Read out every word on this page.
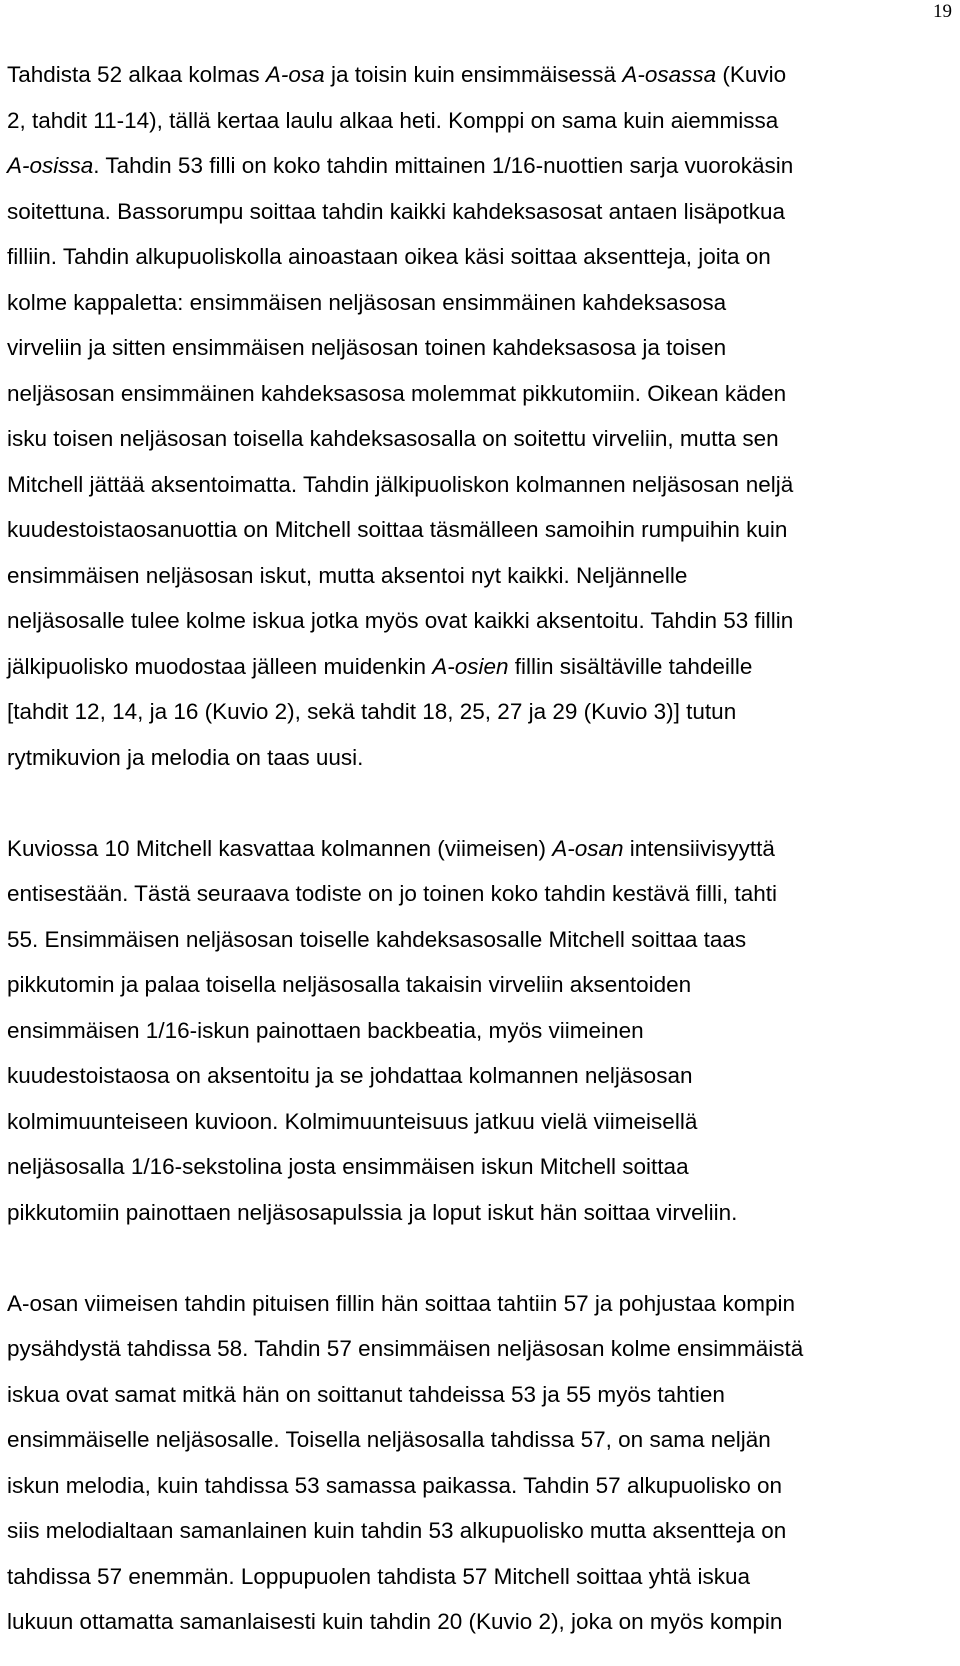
19

Tahdista 52 alkaa kolmas A-osa ja toisin kuin ensimmäisessä A-osassa (Kuvio
2, tahdit 11-14), tällä kertaa laulu alkaa heti. Komppi on sama kuin aiemmissa
A-osissa. Tahdin 53 filli on koko tahdin mittainen 1/16-nuottien sarja vuorokäsin
soitettuna. Bassorumpu soittaa tahdin kaikki kahdeksasosat antaen lisäpotkua
filliin. Tahdin alkupuoliskolla ainoastaan oikea käsi soittaa aksentteja, joita on
kolme kappaletta: ensimmäisen neljäsosan ensimmäinen kahdeksasosa
virveliin ja sitten ensimmäisen neljäsosan toinen kahdeksasosa ja toisen
neljäsosan ensimmäinen kahdeksasosa molemmat pikkutomiin. Oikean käden
isku toisen neljäsosan toisella kahdeksasosalla on soitettu virveliin, mutta sen
Mitchell jättää aksentoimatta. Tahdin jälkipuoliskon kolmannen neljäsosan neljä
kuudestoistaosanuottia on Mitchell soittaa täsmälleen samoihin rumpuihin kuin
ensimmäisen neljäsosan iskut, mutta aksentoi nyt kaikki. Neljännelle
neljäsosalle tulee kolme iskua jotka myös ovat kaikki aksentoitu. Tahdin 53 fillin
jälkipuolisko muodostaa jälleen muidenkin A-osien fillin sisältäville tahdeille
[tahdit 12, 14, ja 16 (Kuvio 2), sekä tahdit 18, 25, 27 ja 29 (Kuvio 3)] tutun
rytmikuvion ja melodia on taas uusi.

Kuviossa 10 Mitchell kasvattaa kolmannen (viimeisen) A-osan intensiivisyyttä
entisestään. Tästä seuraava todiste on jo toinen koko tahdin kestävä filli, tahti
55. Ensimmäisen neljäsosan toiselle kahdeksasosalle Mitchell soittaa taas
pikkutomin ja palaa toisella neljäsosalla takaisin virveliin aksentoiden
ensimmäisen 1/16-iskun painottaen backbeatia, myös viimeinen
kuudestoistaosa on aksentoitu ja se johdattaa kolmannen neljäsosan
kolmimuunteiseen kuvioon. Kolmimuunteisuus jatkuu vielä viimeisellä
neljäsosalla 1/16-sekstolina josta ensimmäisen iskun Mitchell soittaa
pikkutomiin painottaen neljäsosapulssia ja loput iskut hän soittaa virveliin.

A-osan viimeisen tahdin pituisen fillin hän soittaa tahtiin 57 ja pohjustaa kompin
pysähdystä tahdissa 58. Tahdin 57 ensimmäisen neljäsosan kolme ensimmäistä
iskua ovat samat mitkä hän on soittanut tahdeissa 53 ja 55 myös tahtien
ensimmäiselle neljäsosalle. Toisella neljäsosalla tahdissa 57, on sama neljän
iskun melodia, kuin tahdissa 53 samassa paikassa. Tahdin 57 alkupuolisko on
siis melodialtaan samanlainen kuin tahdin 53 alkupuolisko mutta aksentteja on
tahdissa 57 enemmän. Loppupuolen tahdista 57 Mitchell soittaa yhtä iskua
lukuun ottamatta samanlaisesti kuin tahdin 20 (Kuvio 2), joka on myös kompin
